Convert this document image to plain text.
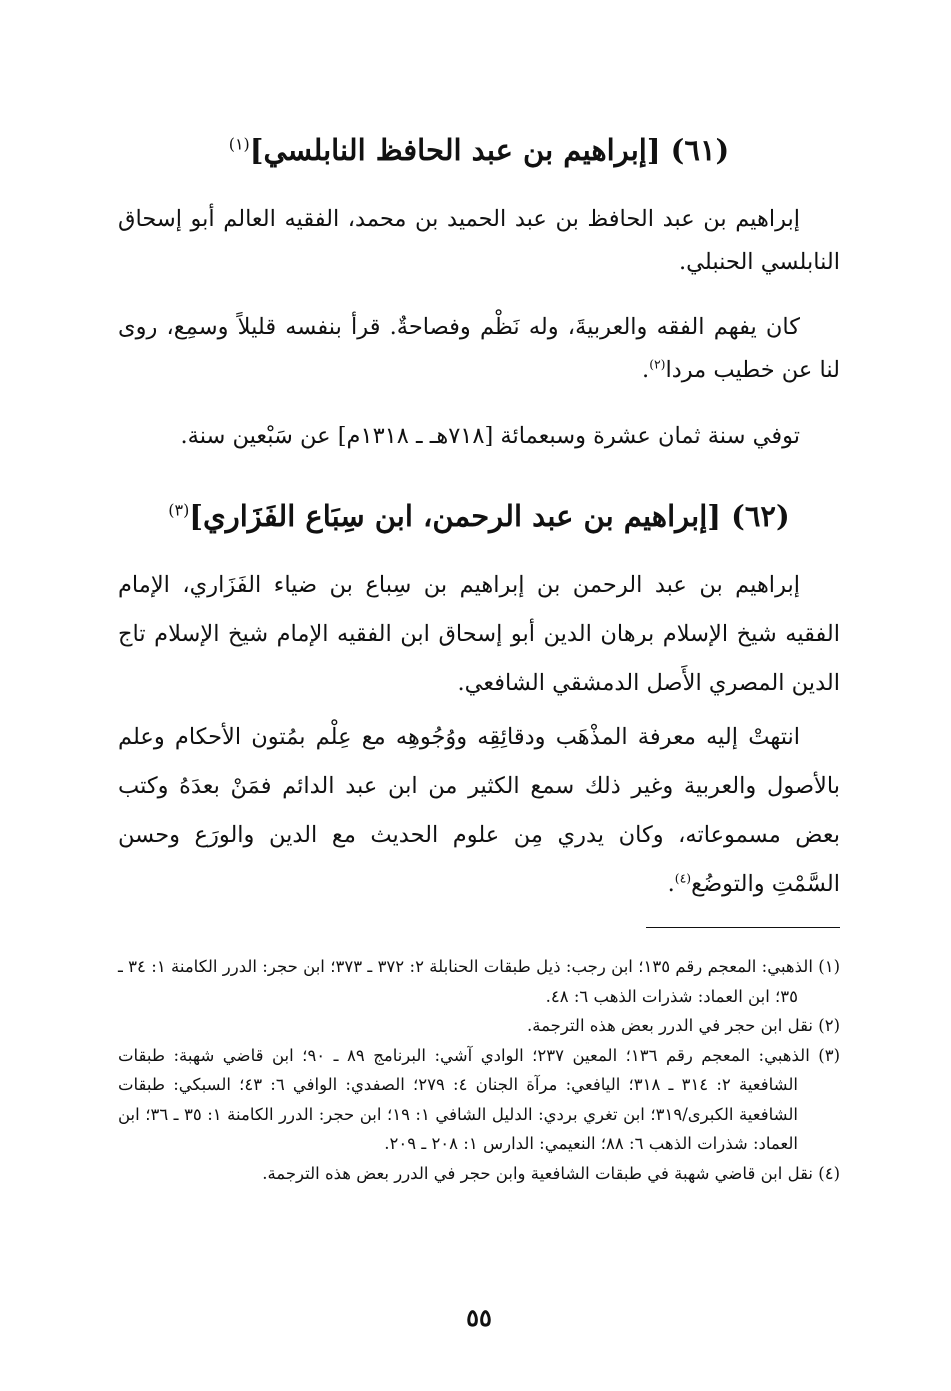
(٦١) [إبراهيم بن عبد الحافظ النابلسي]$^{(١)}$

إبراهيم بن عبد الحافظ بن عبد الحميد بن محمد، الفقيه العالم أبو إسحاق النابلسي الحنبلي.

كان يفهم الفقه والعربيةَ، وله نَظْم وفصاحةٌ. قرأ بنفسه قليلاً وسمِع، روى لنا عن خطيب مردا$^{(٢)}$.

توفي سنة ثمان عشرة وسبعمائة [٧١٨هـ ـ ١٣١٨م] عن سَبْعين سنة.

(٦٢) [إبراهيم بن عبد الرحمن، ابن سِبَاع الفَزَاري]$^{(٣)}$

إبراهيم بن عبد الرحمن بن إبراهيم بن سِباع بن ضياء الفَزَاري، الإمام الفقيه شيخ الإسلام برهان الدين أبو إسحاق ابن الفقيه الإمام شيخ الإسلام تاج الدين المصري الأَصل الدمشقي الشافعي.

انتهتْ إليه معرفة المذْهَب ودقائِقِه ووُجُوهِه مع عِلْم بمُتون الأحكام وعلم بالأصول والعربية وغير ذلك سمع الكثير من ابن عبد الدائم فمَنْ بعدَهُ وكتب بعض مسموعاته، وكان يدري مِن علوم الحديث مع الدين والورَع وحسن السَّمْتِ والتوضُع$^{(٤)}$.

(١) الذهبي: المعجم رقم ١٣٥؛ ابن رجب: ذيل طبقات الحنابلة ٢: ٣٧٢ ـ ٣٧٣؛ ابن حجر: الدرر الكامنة ١: ٣٤ ـ ٣٥؛ ابن العماد: شذرات الذهب ٦: ٤٨.

(٢) نقل ابن حجر في الدرر بعض هذه الترجمة.

(٣) الذهبي: المعجم رقم ١٣٦؛ المعين ٢٣٧؛ الوادي آشي: البرنامج ٨٩ ـ ٩٠؛ ابن قاضي شهبة: طبقات الشافعية ٢: ٣١٤ ـ ٣١٨؛ اليافعي: مرآة الجنان ٤: ٢٧٩؛ الصفدي: الوافي ٦: ٤٣؛ السبكي: طبقات الشافعية الكبرى/٣١٩؛ ابن تغري بردي: الدليل الشافي ١: ١٩؛ ابن حجر: الدرر الكامنة ١: ٣٥ ـ ٣٦؛ ابن العماد: شذرات الذهب ٦: ٨٨؛ النعيمي: الدارس ١: ٢٠٨ ـ ٢٠٩.

(٤) نقل ابن قاضي شهبة في طبقات الشافعية وابن حجر في الدرر بعض هذه الترجمة.

٥٥
